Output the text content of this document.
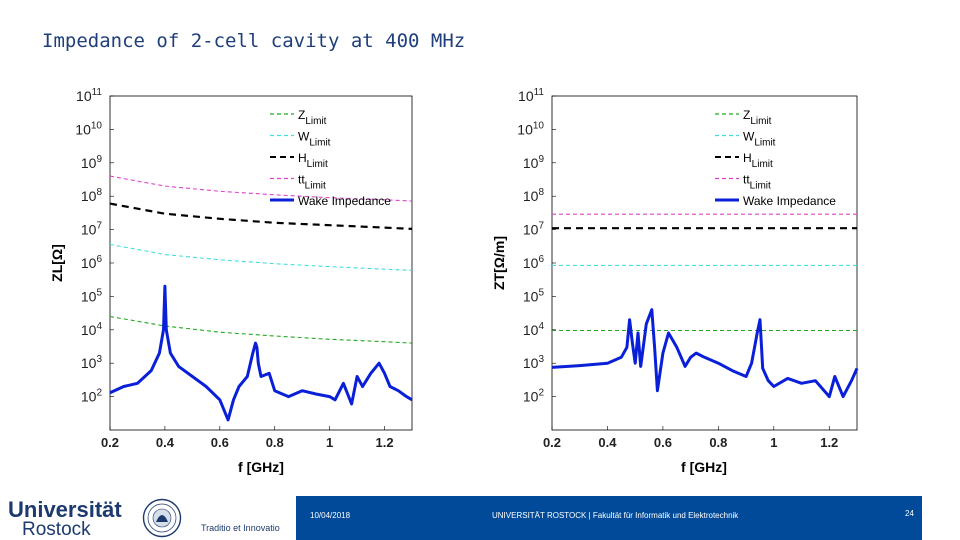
Impedance of 2-cell cavity at 400 MHz
0.2	0.4	0.6	0.8	1	1.2
$10^2$
$10^3$
$10^4$
$10^5$
$10^6$
$10^7$
$10^8$
$10^9$
$10^{10}$
$10^{11}$
$Z_{Limit}$
$W_{Limit}$
$H_{Limit}$
$tt_{Limit}$
Wake Impedance
f [GHz]
ZL[Ω]
0.2	0.4	0.6	0.8	1	1.2
$10^2$
$10^3$
$10^4$
$10^5$
$10^6$
$10^7$
$10^8$
$10^9$
$10^{10}$
$10^{11}$
$Z_{Limit}$
$W_{Limit}$
$H_{Limit}$
$tt_{Limit}$
Wake Impedance
f [GHz]
ZT[Ω/m]
Universität
Rostock	Traditio et Innovatio
10/04/2018	UNIVERSITÄT ROSTOCK | Fakultät für Informatik und Elektrotechnik	24
